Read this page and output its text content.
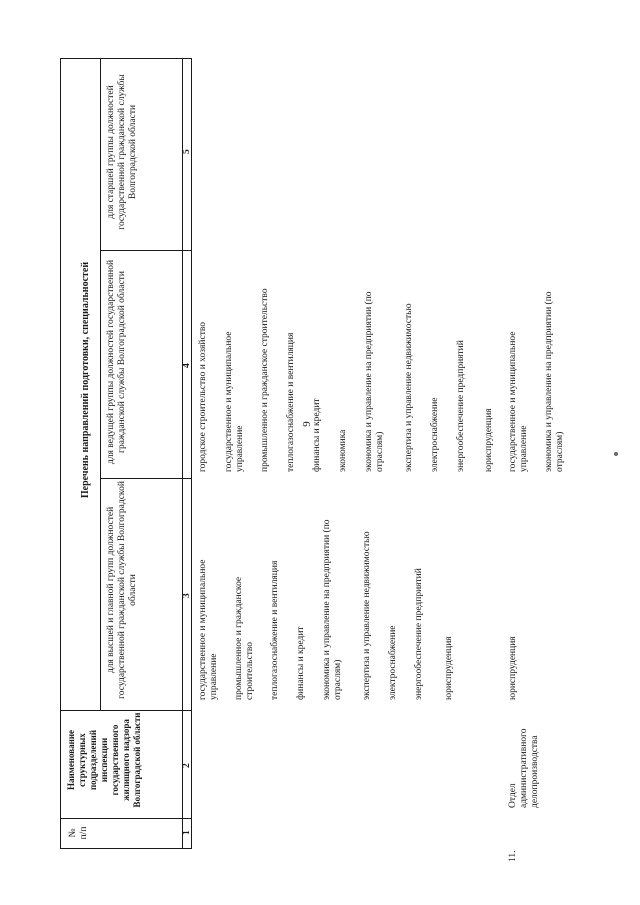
9
№
п/п
Наименование структурных подразделений инспекции государственного жилищного надзора Волгоградской области
Перечень направлений подготовки, специальностей
для высшей и главной групп должностей государственной гражданской службы Волгоградской области
для ведущей группы должностей государственной гражданской службы Волгоградской области
для старшей группы должностей государственной гражданской службы Волгоградской области
1
2
3
4
5
государственное и муниципальное управление промышленное и гражданское строительство теплогазоснабжение и вентиляция финансы и кредит экономика и управление на предприятии (по отраслям) экспертиза и управление недвижимостью электроснабжение энергообеспечение предприятий юриспруденция
городское строительство и хозяйство государственное и муниципальное управление промышленное и гражданское строительство теплогазоснабжение и вентиляция финансы и кредит экономика экономика и управление на предприятии (по отраслям) экспертиза и управление недвижимостью электроснабжение энергообеспечение предприятий юриспруденция
11.
Отдел административного делопроизводства
юриспруденция
государственное и муниципальное управление экономика и управление на предприятии (по отраслям)
